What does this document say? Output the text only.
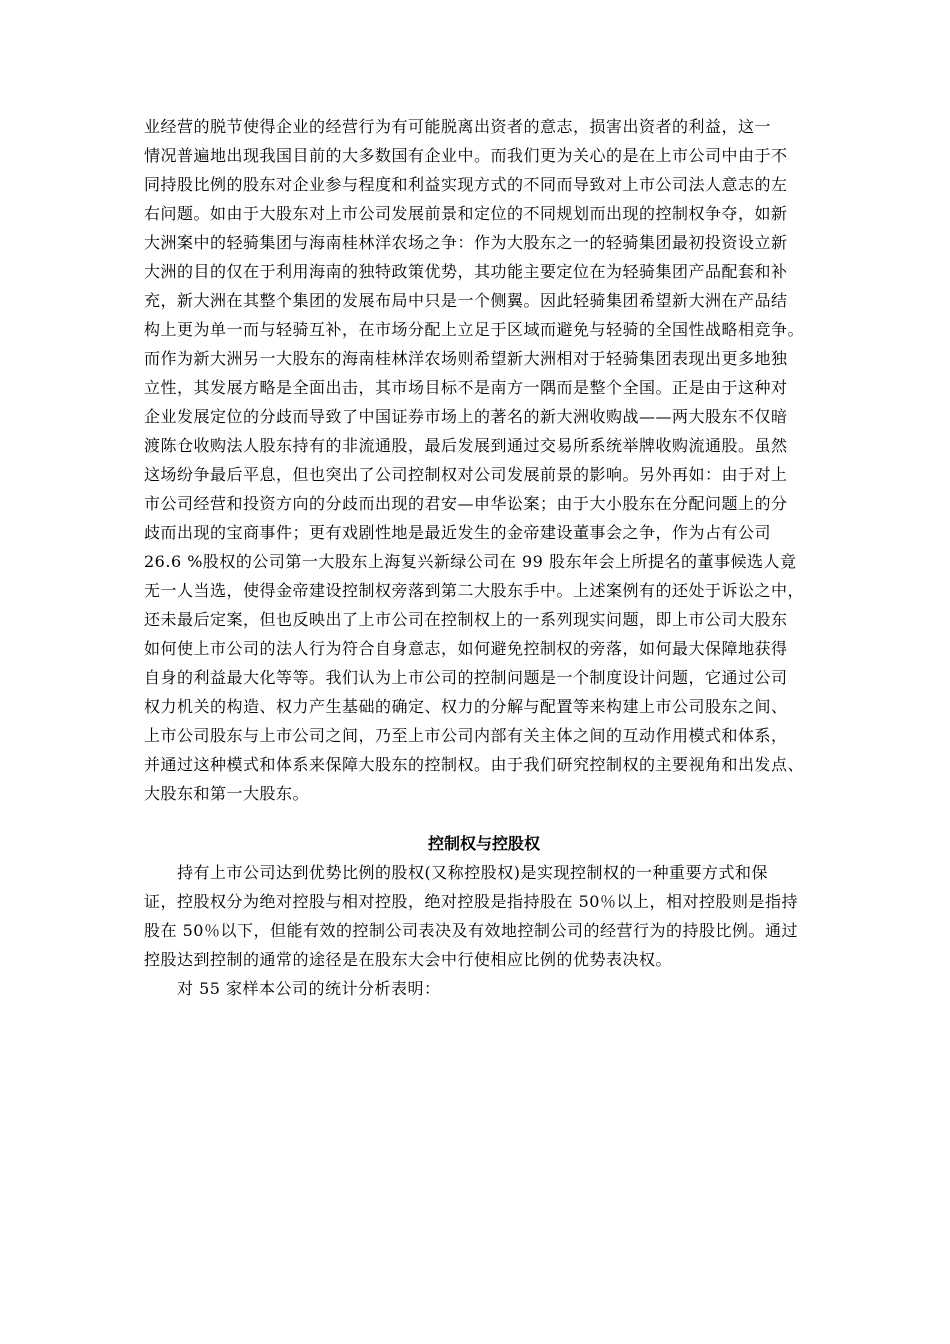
业经营的脱节使得企业的经营行为有可能脱离出资者的意志，损害出资者的利益，这一
情况普遍地出现我国目前的大多数国有企业中。而我们更为关心的是在上市公司中由于不
同持股比例的股东对企业参与程度和利益实现方式的不同而导致对上市公司法人意志的左
右问题。如由于大股东对上市公司发展前景和定位的不同规划而出现的控制权争夺，如新
大洲案中的轻骑集团与海南桂林洋农场之争：作为大股东之一的轻骑集团最初投资设立新
大洲的目的仅在于利用海南的独特政策优势，其功能主要定位在为轻骑集团产品配套和补
充，新大洲在其整个集团的发展布局中只是一个侧翼。因此轻骑集团希望新大洲在产品结
构上更为单一而与轻骑互补，在市场分配上立足于区域而避免与轻骑的全国性战略相竞争。
而作为新大洲另一大股东的海南桂林洋农场则希望新大洲相对于轻骑集团表现出更多地独
立性，其发展方略是全面出击，其市场目标不是南方一隅而是整个全国。正是由于这种对
企业发展定位的分歧而导致了中国证券市场上的著名的新大洲收购战——两大股东不仅暗
渡陈仓收购法人股东持有的非流通股，最后发展到通过交易所系统举牌收购流通股。虽然
这场纷争最后平息，但也突出了公司控制权对公司发展前景的影响。另外再如：由于对上
市公司经营和投资方向的分歧而出现的君安—申华讼案；由于大小股东在分配问题上的分
歧而出现的宝商事件；更有戏剧性地是最近发生的金帝建设董事会之争，作为占有公司
26.6 %股权的公司第一大股东上海复兴新绿公司在 99 股东年会上所提名的董事候选人竟
无一人当选，使得金帝建设控制权旁落到第二大股东手中。上述案例有的还处于诉讼之中，
还未最后定案，但也反映出了上市公司在控制权上的一系列现实问题，即上市公司大股东
如何使上市公司的法人行为符合自身意志，如何避免控制权的旁落，如何最大保障地获得
自身的利益最大化等等。我们认为上市公司的控制问题是一个制度设计问题，它通过公司
权力机关的构造、权力产生基础的确定、权力的分解与配置等来构建上市公司股东之间、
上市公司股东与上市公司之间，乃至上市公司内部有关主体之间的互动作用模式和体系，
并通过这种模式和体系来保障大股东的控制权。由于我们研究控制权的主要视角和出发点、
大股东和第一大股东。
控制权与控股权
　　持有上市公司达到优势比例的股权(又称控股权)是实现控制权的一种重要方式和保
证，控股权分为绝对控股与相对控股，绝对控股是指持股在 50％以上，相对控股则是指持
股在 50％以下，但能有效的控制公司表决及有效地控制公司的经营行为的持股比例。通过
控股达到控制的通常的途径是在股东大会中行使相应比例的优势表决权。
　　对 55 家样本公司的统计分析表明：
